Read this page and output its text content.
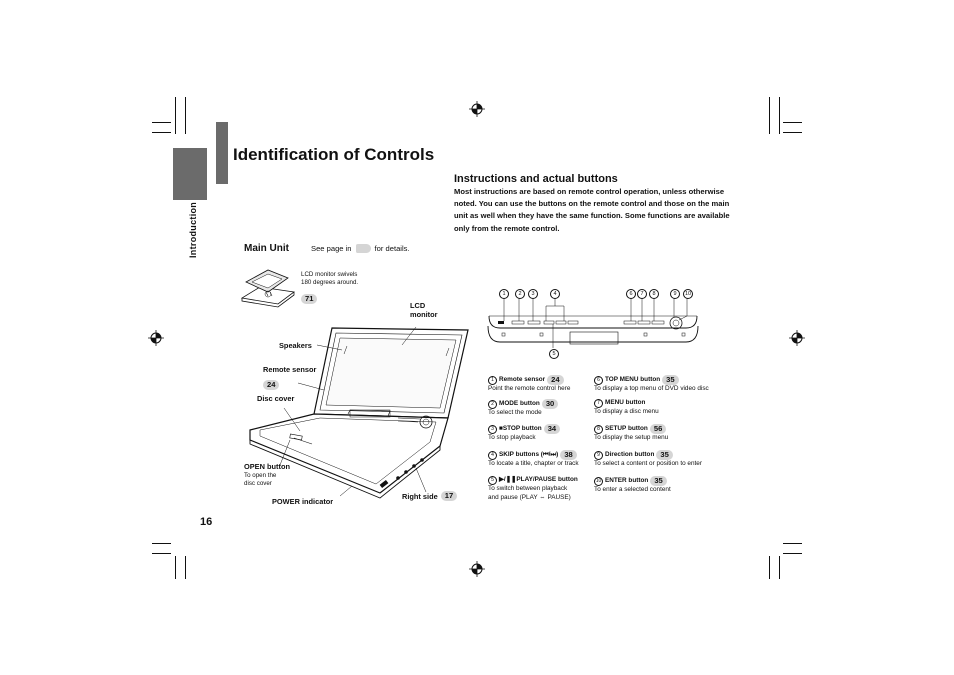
Introduction
Identification of Controls
Instructions and actual buttons
Most instructions are based on remote control operation, unless otherwise noted. You can use the buttons on the remote control and those on the main unit as well when they have the same function. Some functions are available only from the remote control.
Main Unit	See page in	for details.
LCD monitor swivels
180 degrees around.
71
LCD
monitor
Speakers
Remote sensor
24
Disc cover
OPEN button
To open the
disc cover
POWER indicator
Right side 17
1	2	3	4
5
6	7	8	9	10
1 Remote sensor 24
Point the remote control here
2 MODE button 30
To select the mode
3 ■STOP button 34
To stop playback
4 SKIP buttons (⏮/⏭) 38
To locate a title, chapter or track
5 ▶/❚❚PLAY/PAUSE button
To switch between playback
and pause (PLAY ⇔ PAUSE)
6 TOP MENU button 35
To display a top menu of DVD video disc
7 MENU button
To display a disc menu
8 SETUP button 56
To display the setup menu
9 Direction button 35
To select a content or position to enter
10 ENTER button 35
To enter a selected content
16
